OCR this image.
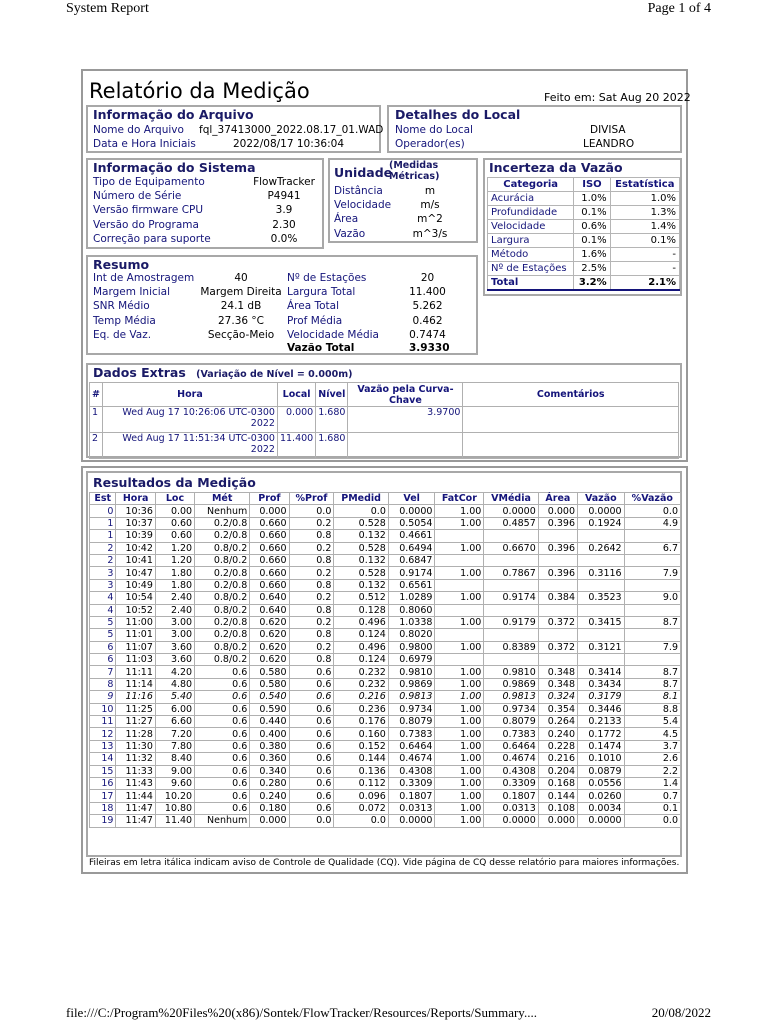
System Report	Page 1 of 4
file:///C:/Program%20Files%20(x86)/Sontek/FlowTracker/Resources/Reports/Summary....	20/08/2022
Relatório da Medição	Feito em: Sat Aug 20 2022
Informação do Arquivo
Nome do Arquivo fql_37413000_2022.08.17_01.WAD
Data e Hora Iniciais	2022/08/17 10:36:04
Detalhes do Local
Nome do Local	DIVISA
Operador(es)	LEANDRO
Informação do Sistema
Tipo de Equipamento	FlowTracker
Número de Série	P4941
Versão firmware CPU	3.9
Versão do Programa	2.30
Correção para suporte	0.0%
Unidade
(Medidas
Métricas)
Distância	m
Velocidade	m/s
Área	m^2
Vazão	m^3/s
Incerteza da Vazão
Categoria	ISO	Estatística
Acurácia	1.0%	1.0%
Profundidade	0.1%	1.3%
Velocidade	0.6%	1.4%
Largura	0.1%	0.1%
Método	1.6%	-
Nº de Estações	2.5%	-
Total	3.2%	2.1%
Resumo
Int de Amostragem	40
Margem Inicial	Margem Direita
SNR Médio	24.1 dB
Temp Média	27.36 °C
Eq. de Vaz.	Secção-Meio
Nº de Estações	20
Largura Total	11.400
Área Total	5.262
Prof Média	0.462
Velocidade Média	0.7474
Vazão Total	3.9330
Dados Extras (Variação de Nível = 0.000m)
#	Hora	Local	Nível	Vazão pela Curva-Chave	Comentários
1	Wed Aug 17 10:26:06 UTC-0300 2022	0.000	1.680	3.9700	
2	Wed Aug 17 11:51:34 UTC-0300 2022	11.400	1.680		
Resultados da Medição
Est	Hora	Loc	Mét	Prof	%Prof	PMedid	Vel	FatCor	VMédia	Área	Vazão	%Vazão
0	10:36	0.00	Nenhum	0.000	0.0	0.0	0.0000	1.00	0.0000	0.000	0.0000	0.0
1	10:37	0.60	0.2/0.8	0.660	0.2	0.528	0.5054	1.00	0.4857	0.396	0.1924	4.9
1	10:39	0.60	0.2/0.8	0.660	0.8	0.132	0.4661					
2	10:42	1.20	0.8/0.2	0.660	0.2	0.528	0.6494	1.00	0.6670	0.396	0.2642	6.7
2	10:41	1.20	0.8/0.2	0.660	0.8	0.132	0.6847					
3	10:47	1.80	0.2/0.8	0.660	0.2	0.528	0.9174	1.00	0.7867	0.396	0.3116	7.9
3	10:49	1.80	0.2/0.8	0.660	0.8	0.132	0.6561					
4	10:54	2.40	0.8/0.2	0.640	0.2	0.512	1.0289	1.00	0.9174	0.384	0.3523	9.0
4	10:52	2.40	0.8/0.2	0.640	0.8	0.128	0.8060					
5	11:00	3.00	0.2/0.8	0.620	0.2	0.496	1.0338	1.00	0.9179	0.372	0.3415	8.7
5	11:01	3.00	0.2/0.8	0.620	0.8	0.124	0.8020					
6	11:07	3.60	0.8/0.2	0.620	0.2	0.496	0.9800	1.00	0.8389	0.372	0.3121	7.9
6	11:03	3.60	0.8/0.2	0.620	0.8	0.124	0.6979					
7	11:11	4.20	0.6	0.580	0.6	0.232	0.9810	1.00	0.9810	0.348	0.3414	8.7
8	11:14	4.80	0.6	0.580	0.6	0.232	0.9869	1.00	0.9869	0.348	0.3434	8.7
9	11:16	5.40	0.6	0.540	0.6	0.216	0.9813	1.00	0.9813	0.324	0.3179	8.1
10	11:25	6.00	0.6	0.590	0.6	0.236	0.9734	1.00	0.9734	0.354	0.3446	8.8
11	11:27	6.60	0.6	0.440	0.6	0.176	0.8079	1.00	0.8079	0.264	0.2133	5.4
12	11:28	7.20	0.6	0.400	0.6	0.160	0.7383	1.00	0.7383	0.240	0.1772	4.5
13	11:30	7.80	0.6	0.380	0.6	0.152	0.6464	1.00	0.6464	0.228	0.1474	3.7
14	11:32	8.40	0.6	0.360	0.6	0.144	0.4674	1.00	0.4674	0.216	0.1010	2.6
15	11:33	9.00	0.6	0.340	0.6	0.136	0.4308	1.00	0.4308	0.204	0.0879	2.2
16	11:43	9.60	0.6	0.280	0.6	0.112	0.3309	1.00	0.3309	0.168	0.0556	1.4
17	11:44	10.20	0.6	0.240	0.6	0.096	0.1807	1.00	0.1807	0.144	0.0260	0.7
18	11:47	10.80	0.6	0.180	0.6	0.072	0.0313	1.00	0.0313	0.108	0.0034	0.1
19	11:47	11.40	Nenhum	0.000	0.0	0.0	0.0000	1.00	0.0000	0.000	0.0000	0.0
Fileiras em letra itálica indicam aviso de Controle de Qualidade (CQ). Vide página de CQ desse relatório para maiores informações.
